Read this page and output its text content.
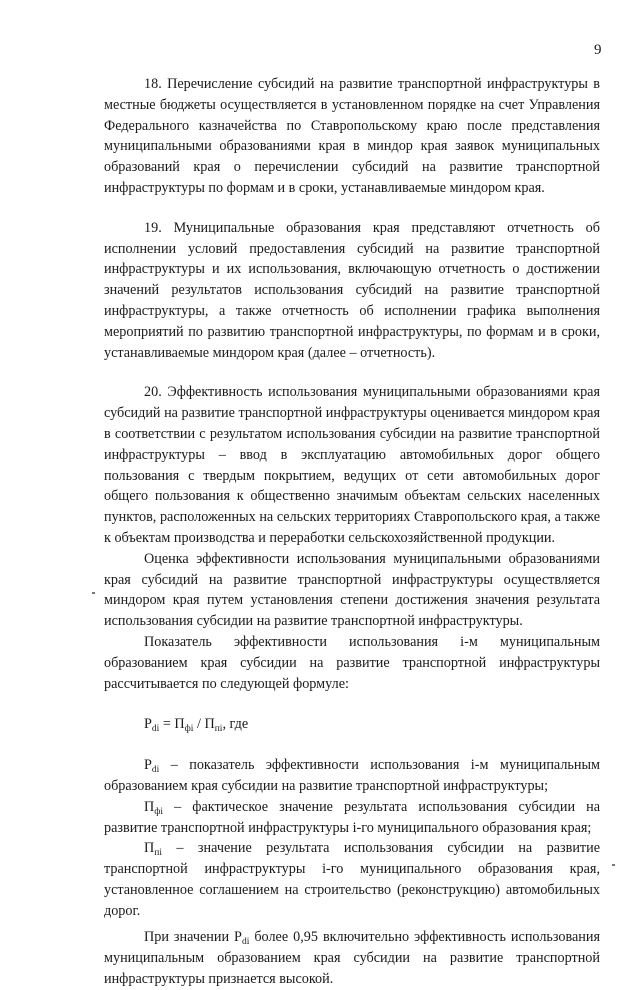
9

18. Перечисление субсидий на развитие транспортной инфраструктуры в местные бюджеты осуществляется в установленном порядке на счет Управления Федерального казначейства по Ставропольскому краю после представления муниципальными образованиями края в миндор края заявок муниципальных образований края о перечислении субсидий на развитие транспортной инфраструктуры по формам и в сроки, устанавливаемые миндором края.

19. Муниципальные образования края представляют отчетность об исполнении условий предоставления субсидий на развитие транспортной инфраструктуры и их использования, включающую отчетность о достижении значений результатов использования субсидий на развитие транспортной инфраструктуры, а также отчетность об исполнении графика выполнения мероприятий по развитию транспортной инфраструктуры, по формам и в сроки, устанавливаемые миндором края (далее – отчетность).

20. Эффективность использования муниципальными образованиями края субсидий на развитие транспортной инфраструктуры оценивается миндором края в соответствии с результатом использования субсидии на развитие транспортной инфраструктуры – ввод в эксплуатацию автомобильных дорог общего пользования с твердым покрытием, ведущих от сети автомобильных дорог общего пользования к общественно значимым объектам сельских населенных пунктов, расположенных на сельских территориях Ставропольского края, а также к объектам производства и переработки сельскохозяйственной продукции.

Оценка эффективности использования муниципальными образованиями края субсидий на развитие транспортной инфраструктуры осуществляется миндором края путем установления степени достижения значения результата использования субсидии на развитие транспортной инфраструктуры.

Показатель эффективности использования i-м муниципальным образованием края субсидии на развитие транспортной инфраструктуры рассчитывается по следующей формуле:

$P_{di} = П_{фi} / П_{пi}$, где

$P_{di}$ – показатель эффективности использования i-м муниципальным образованием края субсидии на развитие транспортной инфраструктуры;

$П_{фi}$ – фактическое значение результата использования субсидии на развитие транспортной инфраструктуры i-го муниципального образования края;

$П_{пi}$ – значение результата использования субсидии на развитие транспортной инфраструктуры i-го муниципального образования края, установленное соглашением на строительство (реконструкцию) автомобильных дорог.

При значении $P_{di}$ более 0,95 включительно эффективность использования муниципальным образованием края субсидии на развитие транспортной инфраструктуры признается высокой.
